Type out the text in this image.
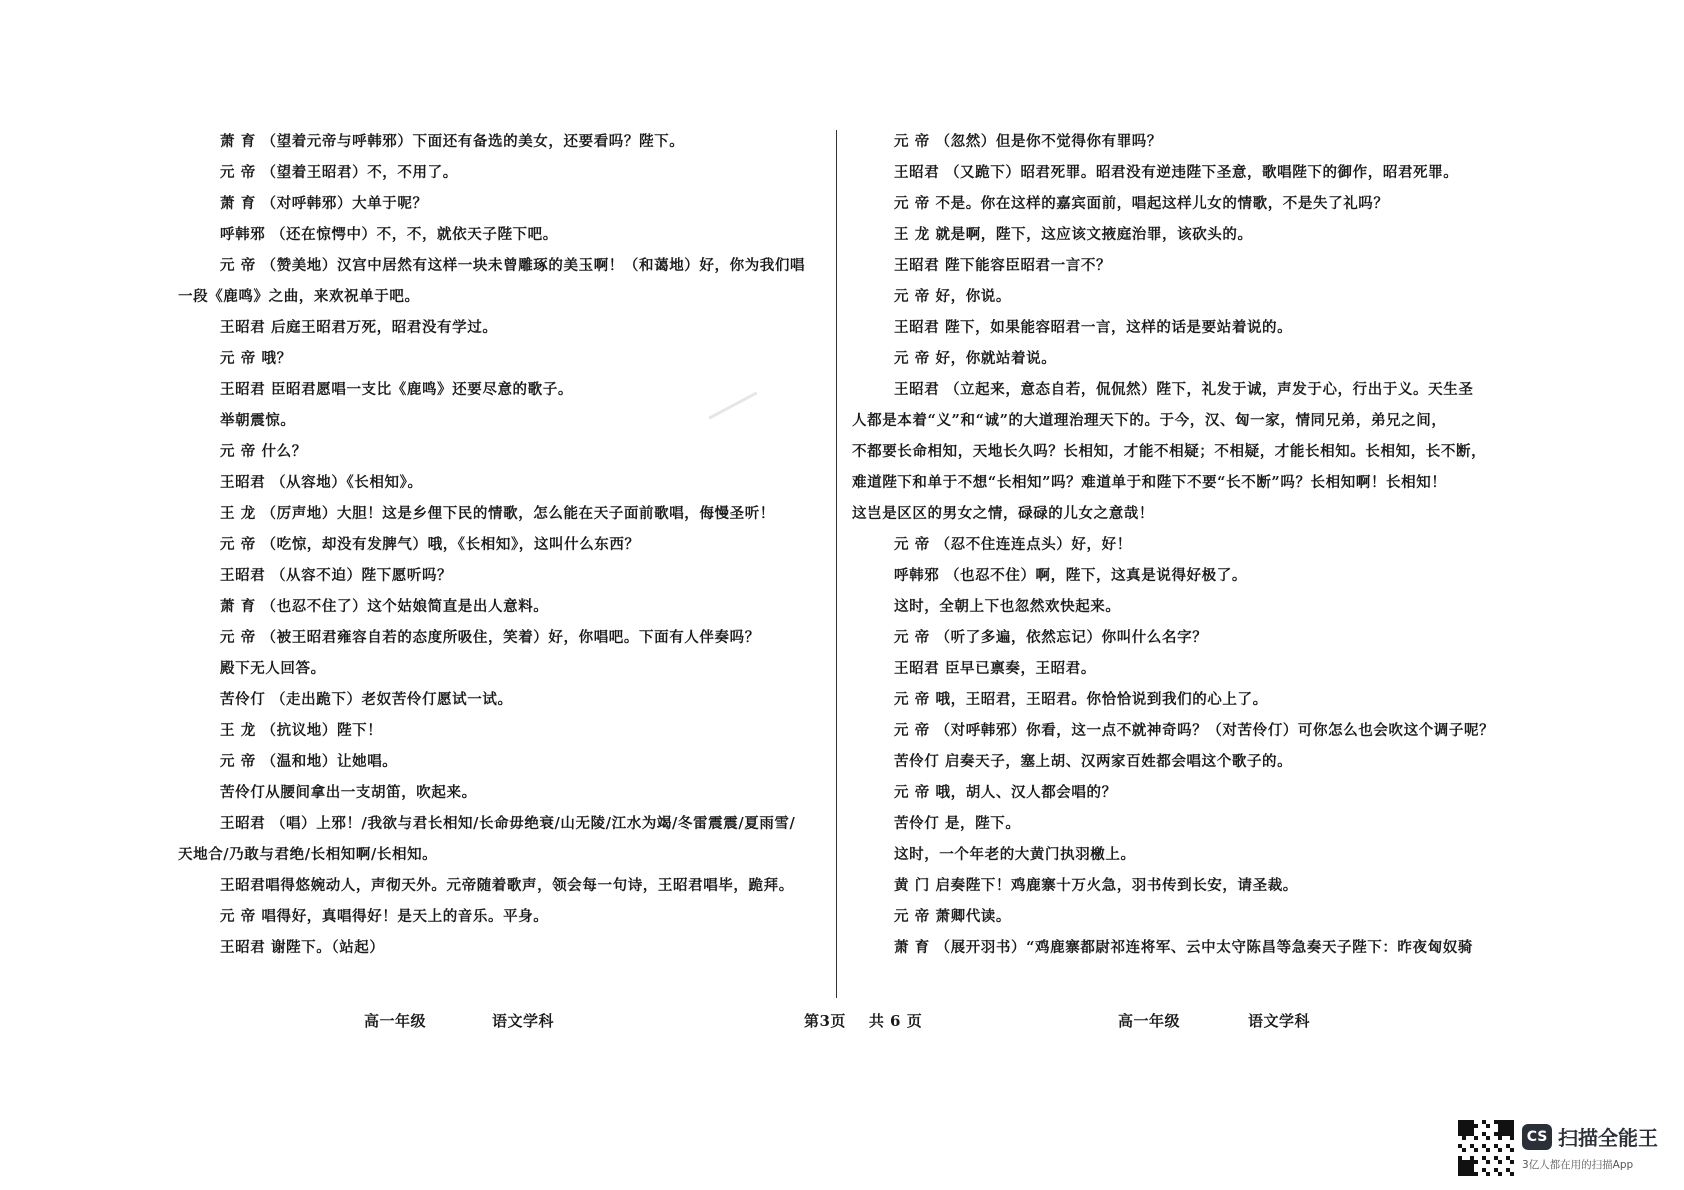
萧 育 （望着元帝与呼韩邪）下面还有备选的美女，还要看吗？陛下。
元 帝 （望着王昭君）不，不用了。
萧 育 （对呼韩邪）大单于呢？
呼韩邪 （还在惊愕中）不，不，就依天子陛下吧。
元 帝 （赞美地）汉宫中居然有这样一块未曾雕琢的美玉啊！（和蔼地）好，你为我们唱
一段《鹿鸣》之曲，来欢祝单于吧。
王昭君 后庭王昭君万死，昭君没有学过。
元 帝 哦？
王昭君 臣昭君愿唱一支比《鹿鸣》还要尽意的歌子。
举朝震惊。
元 帝 什么？
王昭君 （从容地）《长相知》。
王 龙 （厉声地）大胆！这是乡俚下民的情歌，怎么能在天子面前歌唱，侮慢圣听！
元 帝 （吃惊，却没有发脾气）哦，《长相知》，这叫什么东西？
王昭君 （从容不迫）陛下愿听吗？
萧 育 （也忍不住了）这个姑娘简直是出人意料。
元 帝 （被王昭君雍容自若的态度所吸住，笑着）好，你唱吧。下面有人伴奏吗？
殿下无人回答。
苦伶仃 （走出跪下）老奴苦伶仃愿试一试。
王 龙 （抗议地）陛下！
元 帝 （温和地）让她唱。
苦伶仃从腰间拿出一支胡笛，吹起来。
王昭君 （唱）上邪！/我欲与君长相知/长命毋绝衰/山无陵/江水为竭/冬雷震震/夏雨雪/
天地合/乃敢与君绝/长相知啊/长相知。
王昭君唱得悠婉动人，声彻天外。元帝随着歌声，领会每一句诗，王昭君唱毕，跪拜。
元 帝 唱得好，真唱得好！是天上的音乐。平身。
王昭君 谢陛下。（站起）
元 帝 （忽然）但是你不觉得你有罪吗？
王昭君 （又跪下）昭君死罪。昭君没有逆违陛下圣意，歌唱陛下的御作，昭君死罪。
元 帝 不是。你在这样的嘉宾面前，唱起这样儿女的情歌，不是失了礼吗？
王 龙 就是啊，陛下，这应该文掖庭治罪，该砍头的。
王昭君 陛下能容臣昭君一言不？
元 帝 好，你说。
王昭君 陛下，如果能容昭君一言，这样的话是要站着说的。
元 帝 好，你就站着说。
王昭君 （立起来，意态自若，侃侃然）陛下，礼发于诚，声发于心，行出于义。天生圣
人都是本着“义”和“诚”的大道理治理天下的。于今，汉、匈一家，情同兄弟，弟兄之间，
不都要长命相知，天地长久吗？长相知，才能不相疑；不相疑，才能长相知。长相知，长不断，
难道陛下和单于不想“长相知”吗？难道单于和陛下不要“长不断”吗？长相知啊！长相知！
这岂是区区的男女之情，碌碌的儿女之意哉！
元 帝 （忍不住连连点头）好，好！
呼韩邪 （也忍不住）啊，陛下，这真是说得好极了。
这时，全朝上下也忽然欢快起来。
元 帝 （听了多遍，依然忘记）你叫什么名字？
王昭君 臣早已禀奏，王昭君。
元 帝 哦，王昭君，王昭君。你恰恰说到我们的心上了。
元 帝 （对呼韩邪）你看，这一点不就神奇吗？（对苦伶仃）可你怎么也会吹这个调子呢？
苦伶仃 启奏天子，塞上胡、汉两家百姓都会唱这个歌子的。
元 帝 哦，胡人、汉人都会唱的？
苦伶仃 是，陛下。
这时，一个年老的大黄门执羽檄上。
黄 门 启奏陛下！鸡鹿寨十万火急，羽书传到长安，请圣裁。
元 帝 萧卿代读。
萧 育 （展开羽书）“鸡鹿寨都尉祁连将军、云中太守陈昌等急奏天子陛下：昨夜匈奴骑
高一年级	语文学科	第3页    共 6 页	高一年级	语文学科
CS 扫描全能王
3亿人都在用的扫描App
